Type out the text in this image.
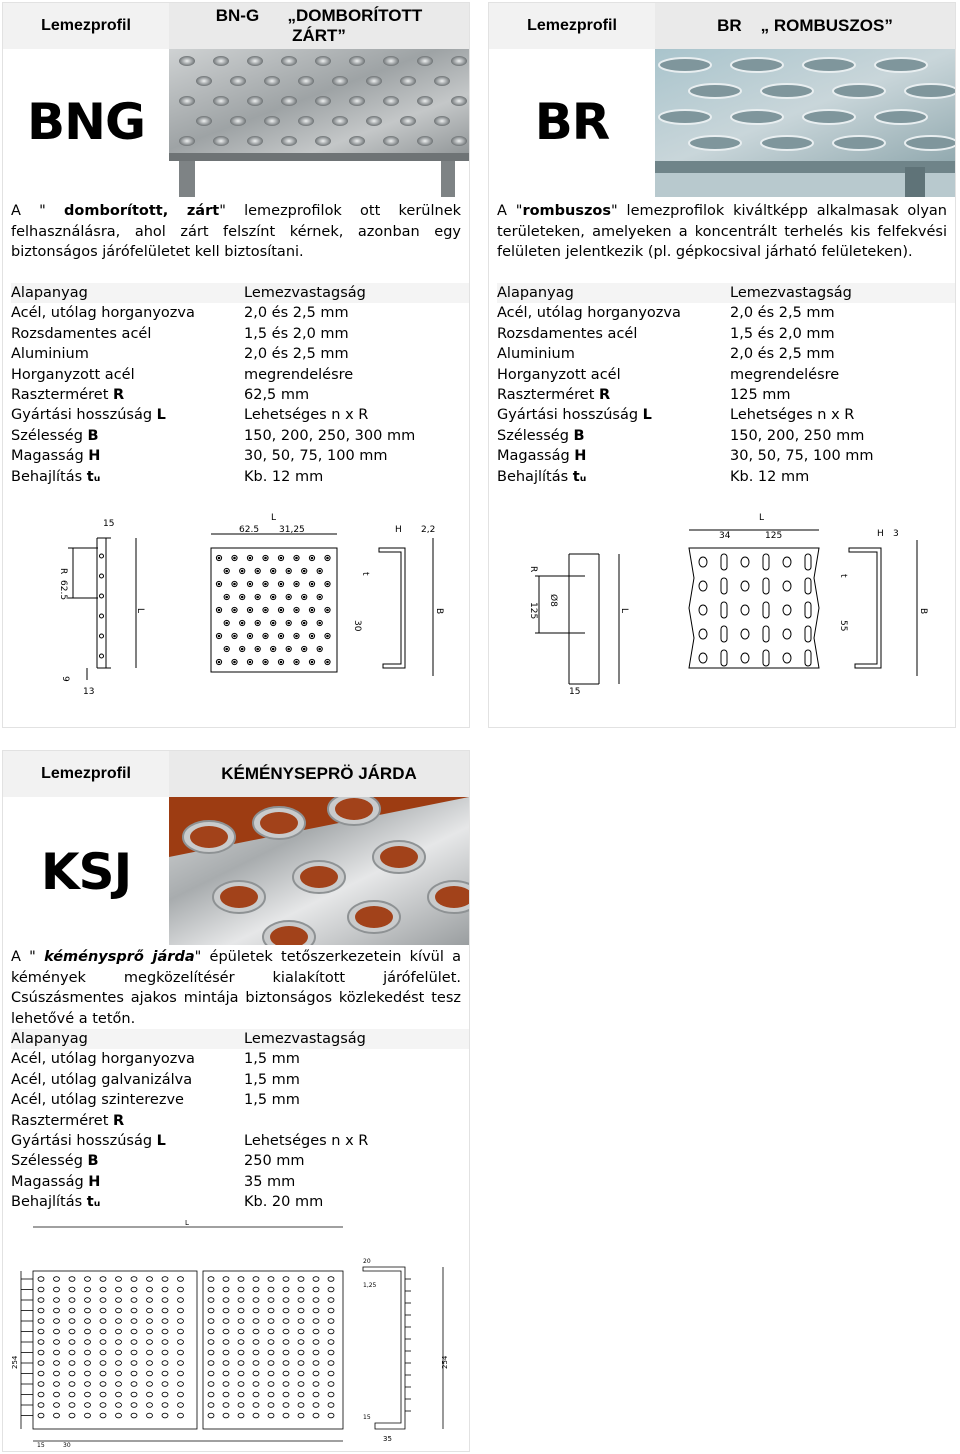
Lemezprofil
BN-G      „DOMBORÍTOTT
ZÁRT”
BNG
A " domborított, zárt" lemezprofilok ott kerülnek felhasználásra, ahol zárt felszínt kérnek, azonban egy biztonságos járófelületet kell biztosítani.
Alapanyag	Lemezvastagság
Acél, utólag horganyozva	2,0 és 2,5 mm
Rozsdamentes acél	1,5 és 2,0 mm
Aluminium	2,0 és 2,5 mm
Horganyzott acél	megrendelésre
Raszterméret R	62,5 mm
Gyártási hosszúság L	Lehetséges n x R
Szélesség B	150, 200, 250, 300 mm
Magasság H	30, 50, 75, 100 mm
Behajlítás tᵤ	Kb. 12 mm
15
R
62.5
L
9
13
L
62.5 31,25
30
H 2,2
t
B
Lemezprofil	BR    „ ROMBUSZOS”
BR
A "rombuszos" lemezprofilok kiváltképp alkalmasak olyan területeken, amelyeken a koncentrált terhelés kis felfekvési felületen jelentkezik (pl. gépkocsival járható felületeken).
Alapanyag	Lemezvastagság
Acél, utólag horganyozva	2,0 és 2,5 mm
Rozsdamentes acél	1,5 és 2,0 mm
Aluminium	2,0 és 2,5 mm
Horganyzott acél	megrendelésre
Raszterméret R	125 mm
Gyártási hosszúság L	Lehetséges n x R
Szélesség B	150, 200, 250 mm
Magasság H	30, 50, 75, 100 mm
Behajlítás tᵤ	Kb. 12 mm
R
Ø8
125	L
15
L
34	125
55
H 3
t
B
Lemezprofil	KÉMÉNYSEPRÖ JÁRDA
KSJ
A " kéménysprő járda" épületek tetőszerkezetein kívül a kémények megközelítésér kialakított járófelület. Csúszásmentes ajakos mintája biztonságos közlekedést tesz lehetővé a tetőn.
Alapanyag	Lemezvastagság
Acél, utólag horganyozva	1,5 mm
Acél, utólag galvanizálva	1,5 mm
Acél, utólag szinterezve	1,5 mm
Raszterméret R
Gyártási hosszúság L	Lehetséges n x R
Szélesség B	250 mm
Magasság H	35 mm
Behajlítás tᵤ	Kb. 20 mm
L
254
15	30
254
35
20
1,25
15
